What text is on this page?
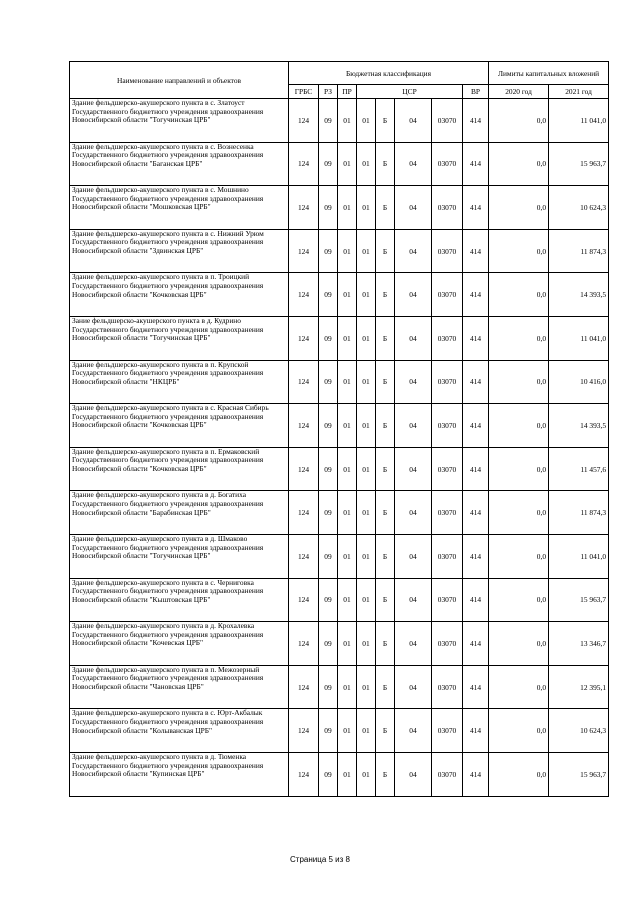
Наименование направлений и объектов	Бюджетная классификация								Лимиты капитальных вложений	
	ГРБС	РЗ	ПР	ЦСР				ВР	2020 год	2021 год
Здание фельдшерско-акушерского пункта в с. Златоуст Государственного бюджетного учреждения здравоохранения Новосибирской области "Тогучинская ЦРБ"	124	09	01	01	Б	04	03070	414	0,0	11 041,0
Здание фельдшерско-акушерского пункта в с. Вознесенка Государственного бюджетного учреждения здравоохранения Новосибирской области "Баганская ЦРБ"	124	09	01	01	Б	04	03070	414	0,0	15 963,7
Здание фельдшерско-акушерского пункта в с. Мошнино Государственного бюджетного учреждения здравоохранения Новосибирской области "Мошковская ЦРБ"	124	09	01	01	Б	04	03070	414	0,0	10 624,3
Здание фельдшерско-акушерского пункта в с. Нижний Урюм Государственного бюджетного учреждения здравоохранения Новосибирской области "Здвинская ЦРБ"	124	09	01	01	Б	04	03070	414	0,0	11 874,3
Здание фельдшерско-акушерского пункта в п. Троицкий Государственного бюджетного учреждения здравоохранения Новосибирской области "Кочковская ЦРБ"	124	09	01	01	Б	04	03070	414	0,0	14 393,5
Зание фельдшерско-акушерского пункта в д. Кудрино Государственного бюджетного учреждения здравоохранения Новосибирской области "Тогучинская ЦРБ"	124	09	01	01	Б	04	03070	414	0,0	11 041,0
Здание фельдшерско-акушерского пункта в п. Крупской Государственного бюджетного учреждения здравоохранения Новосибирской области "НКЦРБ"	124	09	01	01	Б	04	03070	414	0,0	10 416,0
Здание фельдшерско-акушерского пункта в с. Красная Сибирь Государственного бюджетного учреждения здравоохранения Новосибирской области "Кочковская ЦРБ"	124	09	01	01	Б	04	03070	414	0,0	14 393,5
Здание фельдшерско-акушерского пункта в п. Ермаковский Государственного бюджетного учреждения здравоохранения Новосибирской области "Кочковская ЦРБ"	124	09	01	01	Б	04	03070	414	0,0	11 457,6
Здание фельдшерско-акушерского пункта в д. Богатиха Государственного бюджетного учреждения здравоохранения Новосибирской области "Барабинская ЦРБ"	124	09	01	01	Б	04	03070	414	0,0	11 874,3
Здание фельдшерско-акушерского пункта в д. Шмаково Государственного бюджетного учреждения здравоохранения Новосибирской области "Тогучинская ЦРБ"	124	09	01	01	Б	04	03070	414	0,0	11 041,0
Здание фельдшерско-акушерского пункта в с. Черниговка Государственного бюджетного учреждения здравоохранения Новосибирской области "Кыштовская ЦРБ"	124	09	01	01	Б	04	03070	414	0,0	15 963,7
Здание фельдшерско-акушерского пункта в д. Крохалевка Государственного бюджетного учреждения здравоохранения Новосибирской области "Кочевская ЦРБ"	124	09	01	01	Б	04	03070	414	0,0	13 346,7
Здание фельдшерско-акушерского пункта в п. Межозерный Государственного бюджетного учреждения здравоохранения Новосибирской области "Чановская ЦРБ"	124	09	01	01	Б	04	03070	414	0,0	12 395,1
Здание фельдшерско-акушерского пункта в с. Юрт-Акбалык Государственного бюджетного учреждения здравоохранения Новосибирской области "Колыванская ЦРБ"	124	09	01	01	Б	04	03070	414	0,0	10 624,3
Здание фельдшерско-акушерского пункта в д. Тюменка Государственного бюджетного учреждения здравоохранения Новосибирской области "Купинская ЦРБ"	124	09	01	01	Б	04	03070	414	0,0	15 963,7
Страница 5 из 8
